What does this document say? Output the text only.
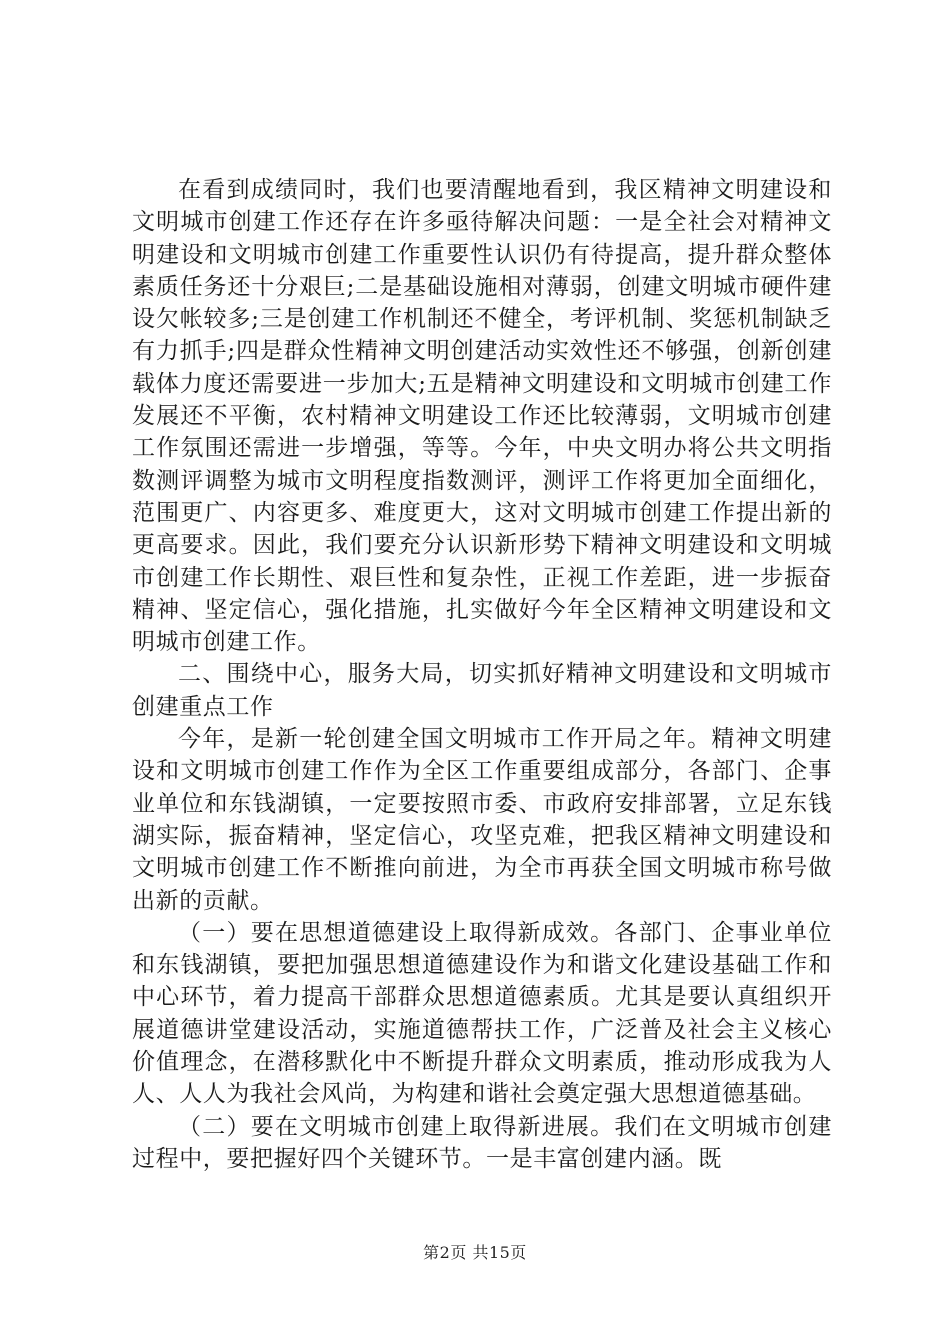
在看到成绩同时，我们也要清醒地看到，我区精神文明建设和文明城市创建工作还存在许多亟待解决问题：一是全社会对精神文明建设和文明城市创建工作重要性认识仍有待提高，提升群众整体素质任务还十分艰巨;二是基础设施相对薄弱，创建文明城市硬件建设欠帐较多;三是创建工作机制还不健全，考评机制、奖惩机制缺乏有力抓手;四是群众性精神文明创建活动实效性还不够强，创新创建载体力度还需要进一步加大;五是精神文明建设和文明城市创建工作发展还不平衡，农村精神文明建设工作还比较薄弱，文明城市创建工作氛围还需进一步增强，等等。今年，中央文明办将公共文明指数测评调整为城市文明程度指数测评，测评工作将更加全面细化，范围更广、内容更多、难度更大，这对文明城市创建工作提出新的更高要求。因此，我们要充分认识新形势下精神文明建设和文明城市创建工作长期性、艰巨性和复杂性，正视工作差距，进一步振奋精神、坚定信心，强化措施，扎实做好今年全区精神文明建设和文明城市创建工作。

二、围绕中心，服务大局，切实抓好精神文明建设和文明城市创建重点工作

今年，是新一轮创建全国文明城市工作开局之年。精神文明建设和文明城市创建工作作为全区工作重要组成部分，各部门、企事业单位和东钱湖镇，一定要按照市委、市政府安排部署，立足东钱湖实际，振奋精神，坚定信心，攻坚克难，把我区精神文明建设和文明城市创建工作不断推向前进，为全市再获全国文明城市称号做出新的贡献。

（一）要在思想道德建设上取得新成效。各部门、企事业单位和东钱湖镇，要把加强思想道德建设作为和谐文化建设基础工作和中心环节，着力提高干部群众思想道德素质。尤其是要认真组织开展道德讲堂建设活动，实施道德帮扶工作，广泛普及社会主义核心价值理念，在潜移默化中不断提升群众文明素质，推动形成我为人人、人人为我社会风尚，为构建和谐社会奠定强大思想道德基础。

（二）要在文明城市创建上取得新进展。我们在文明城市创建过程中，要把握好四个关键环节。一是丰富创建内涵。既

第2页 共15页
